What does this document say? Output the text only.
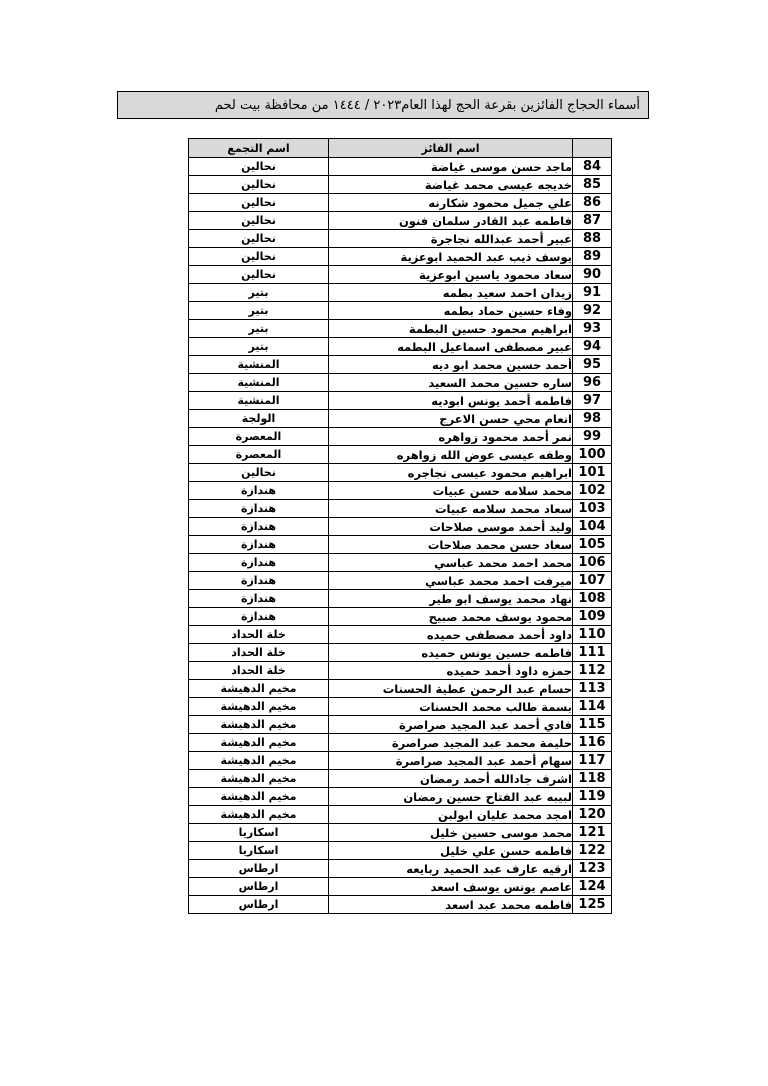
أسماء الحجاج الفائزين بقرعة الحج لهذا العام٢٠٢٣ / ١٤٤٤ من محافظة بيت لحم
	اسم الفائز	اسم التجمع
84	ماجد حسن موسى غياضة	نحالين
85	خديجه عيسى محمد غياضة	نحالين
86	علي جميل محمود شكارنه	نحالين
87	فاطمه عبد القادر سلمان فنون	نحالين
88	عبير أحمد عبدالله نجاجرة	نحالين
89	يوسف ذيب عبد الحميد ابوعزية	نحالين
90	سعاد محمود ياسين ابوعزية	نحالين
91	زيدان احمد سعيد بطمه	بتير
92	وفاء حسين حماد بطمه	بتير
93	ابراهيم محمود حسين البطمة	بتير
94	عبير مصطفى اسماعيل البطمه	بتير
95	أحمد حسين محمد ابو ديه	المنشية
96	ساره حسين محمد السعيد	المنشية
97	فاطمه أحمد يونس ابوديه	المنشية
98	انعام محي حسن الاعرج	الولجة
99	نمر أحمد محمود زواهره	المعصرة
100	وطفه عيسى عوض الله زواهره	المعصرة
101	ابراهيم محمود عيسى نجاجره	نحالين
102	محمد سلامه حسن عبيات	هندازة
103	سعاد محمد سلامه عبيات	هندازة
104	وليد أحمد موسى صلاحات	هندازة
105	سعاد حسن محمد صلاحات	هندازة
106	محمد احمد محمد عباسي	هندازة
107	ميرفت احمد محمد عباسي	هندازة
108	نهاد محمد يوسف ابو طير	هندازة
109	محمود يوسف محمد صبيح	هندازة
110	داود أحمد مصطفى حميده	خلة الحداد
111	فاطمه حسين يونس حميده	خلة الحداد
112	حمزه داود أحمد حميده	خلة الحداد
113	حسام عبد الرحمن عطية الحسنات	مخيم الدهيشة
114	بسمة طالب محمد الحسنات	مخيم الدهيشة
115	فادي أحمد عبد المجيد صراصرة	مخيم الدهيشة
116	حليمة محمد عبد المجيد صراصرة	مخيم الدهيشة
117	سهام أحمد عبد المجيد صراصرة	مخيم الدهيشة
118	اشرف جادالله أحمد رمضان	مخيم الدهيشة
119	لبيبه عبد الفتاح حسين رمضان	مخيم الدهيشة
120	امجد محمد عليان ابولبن	مخيم الدهيشة
121	محمد موسى حسين خليل	اسكاريا
122	فاطمه حسن علي خليل	اسكاريا
123	ارقيه عارف عبد الحميد ربايعه	ارطاس
124	عاصم يونس يوسف اسعد	ارطاس
125	فاطمه محمد عبد اسعد	ارطاس
